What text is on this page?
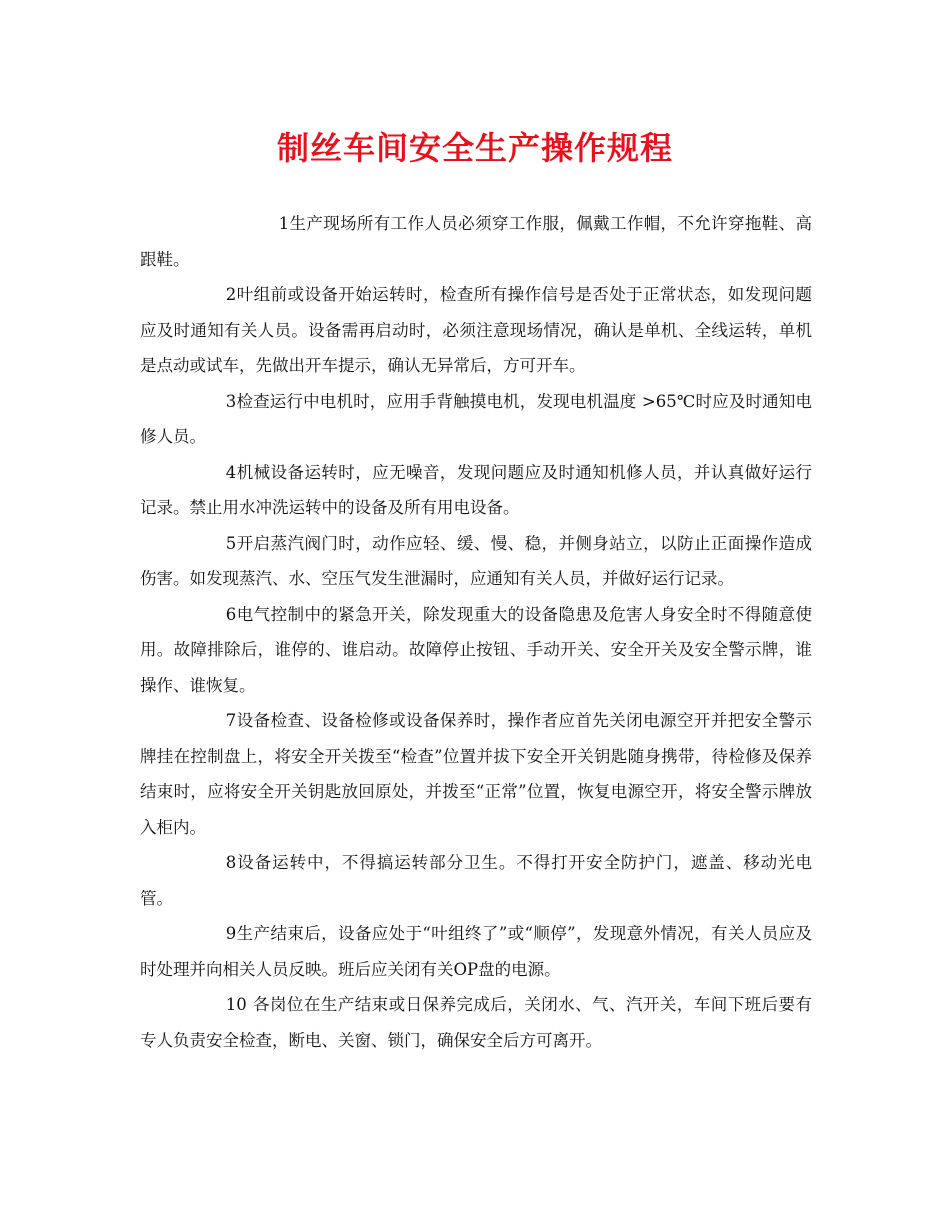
制丝车间安全生产操作规程

1生产现场所有工作人员必须穿工作服，佩戴工作帽，不允许穿拖鞋、高跟鞋。

2叶组前或设备开始运转时，检查所有操作信号是否处于正常状态，如发现问题应及时通知有关人员。设备需再启动时，必须注意现场情况，确认是单机、全线运转，单机是点动或试车，先做出开车提示，确认无异常后，方可开车。

3检查运行中电机时，应用手背触摸电机，发现电机温度 >65℃时应及时通知电修人员。

4机械设备运转时，应无噪音，发现问题应及时通知机修人员，并认真做好运行记录。禁止用水冲洗运转中的设备及所有用电设备。

5开启蒸汽阀门时，动作应轻、缓、慢、稳，并侧身站立，以防止正面操作造成伤害。如发现蒸汽、水、空压气发生泄漏时，应通知有关人员，并做好运行记录。

6电气控制中的紧急开关，除发现重大的设备隐患及危害人身安全时不得随意使用。故障排除后，谁停的、谁启动。故障停止按钮、手动开关、安全开关及安全警示牌，谁操作、谁恢复。

7设备检查、设备检修或设备保养时，操作者应首先关闭电源空开并把安全警示牌挂在控制盘上，将安全开关拨至“检查”位置并拔下安全开关钥匙随身携带，待检修及保养结束时，应将安全开关钥匙放回原处，并拨至“正常”位置，恢复电源空开，将安全警示牌放入柜内。

8设备运转中，不得搞运转部分卫生。不得打开安全防护门，遮盖、移动光电管。

9生产结束后，设备应处于“叶组终了”或“顺停”，发现意外情况，有关人员应及时处理并向相关人员反映。班后应关闭有关OP盘的电源。

10 各岗位在生产结束或日保养完成后，关闭水、气、汽开关，车间下班后要有专人负责安全检查，断电、关窗、锁门，确保安全后方可离开。
